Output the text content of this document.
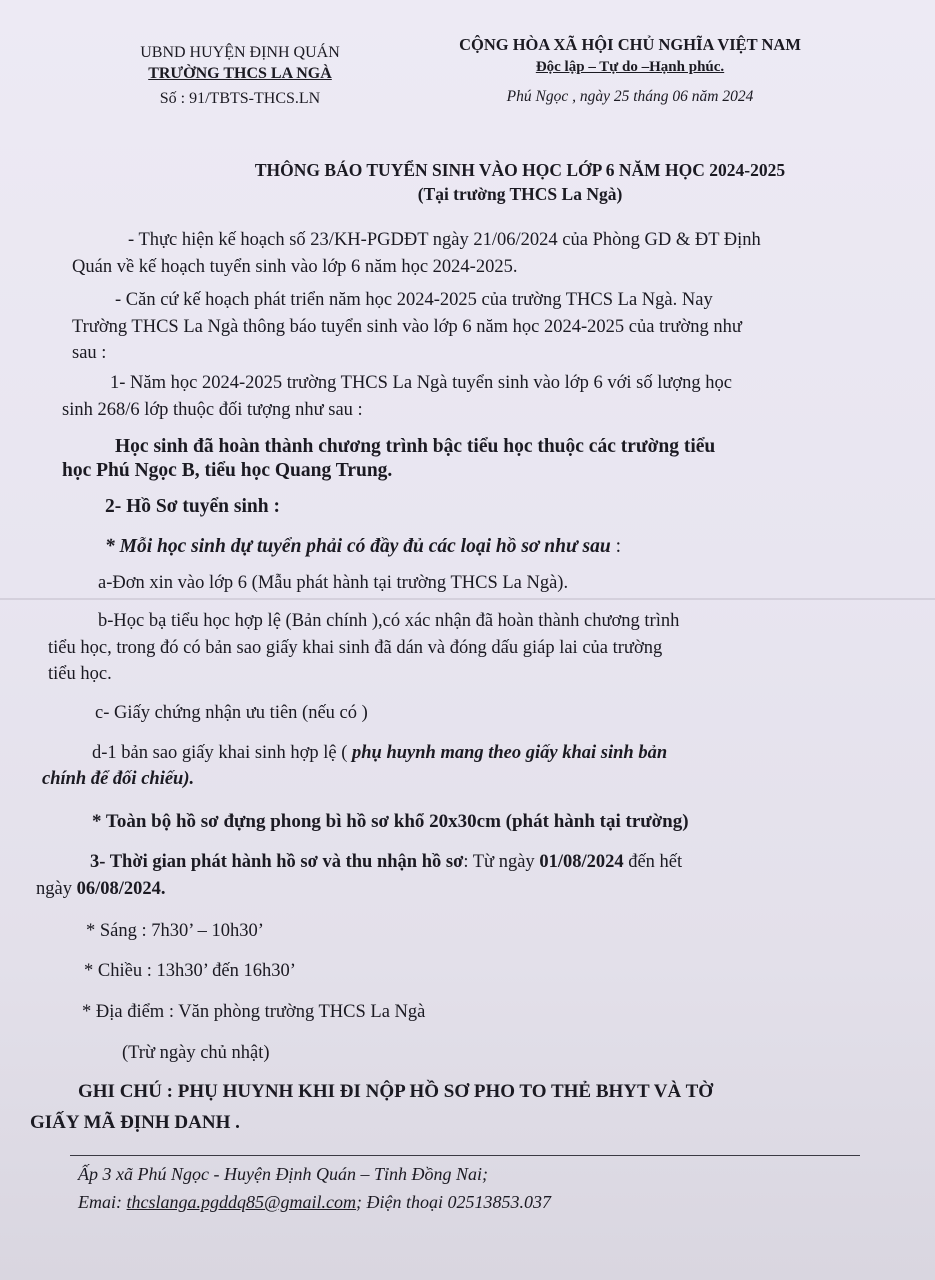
UBND HUYỆN ĐỊNH QUÁN
TRƯỜNG THCS LA NGÀ
Số : 91/TBTS-THCS.LN
CỘNG HÒA XÃ HỘI CHỦ NGHĨA VIỆT NAM
Độc lập – Tự do –Hạnh phúc.
Phú Ngọc , ngày 25 tháng 06 năm 2024
THÔNG BÁO TUYỂN SINH VÀO HỌC LỚP 6 NĂM HỌC 2024-2025
(Tại trường THCS La Ngà)
- Thực hiện kế hoạch số 23/KH-PGDĐT ngày 21/06/2024 của Phòng GD & ĐT Định
Quán về kế hoạch tuyển sinh vào lớp 6 năm học 2024-2025.
- Căn cứ kế hoạch phát triển năm học 2024-2025 của trường THCS La Ngà. Nay
Trường THCS La Ngà thông báo tuyển sinh vào lớp 6 năm học 2024-2025 của trường như
sau :
1- Năm học 2024-2025 trường THCS La Ngà tuyển sinh vào lớp 6 với số lượng học
sinh 268/6 lớp thuộc đối tượng như sau :
Học sinh đã hoàn thành chương trình bậc tiểu học thuộc các trường tiểu
học Phú Ngọc B, tiểu học Quang Trung.
2- Hồ Sơ tuyển sinh :
* Mỗi học sinh dự tuyển phải có đầy đủ các loại hồ sơ như sau :
a-Đơn xin vào lớp 6 (Mẫu phát hành tại trường THCS La Ngà).
b-Học bạ tiểu học hợp lệ (Bản chính ),có xác nhận đã hoàn thành chương trình
tiểu học, trong đó có bản sao giấy khai sinh đã dán và đóng dấu giáp lai của trường
tiểu học.
c- Giấy chứng nhận ưu tiên (nếu có )
d-1 bản sao giấy khai sinh hợp lệ ( phụ huynh mang theo giấy khai sinh bản
chính để đối chiếu).
* Toàn bộ hồ sơ đựng phong bì hồ sơ khổ 20x30cm (phát hành tại trường)
3- Thời gian phát hành hồ sơ và thu nhận hồ sơ: Từ ngày 01/08/2024 đến hết
ngày 06/08/2024.
* Sáng : 7h30’ – 10h30’
* Chiều : 13h30’ đến 16h30’
* Địa điểm : Văn phòng trường THCS La Ngà
(Trừ ngày chủ nhật)
GHI CHÚ : PHỤ HUYNH KHI ĐI NỘP HỒ SƠ PHO TO THẺ BHYT VÀ TỜ
GIẤY MÃ ĐỊNH DANH .
Ấp 3 xã Phú Ngọc - Huyện Định Quán – Tỉnh Đồng Nai;
Emai: thcslanga.pgddq85@gmail.com; Điện thoại 02513853.037
